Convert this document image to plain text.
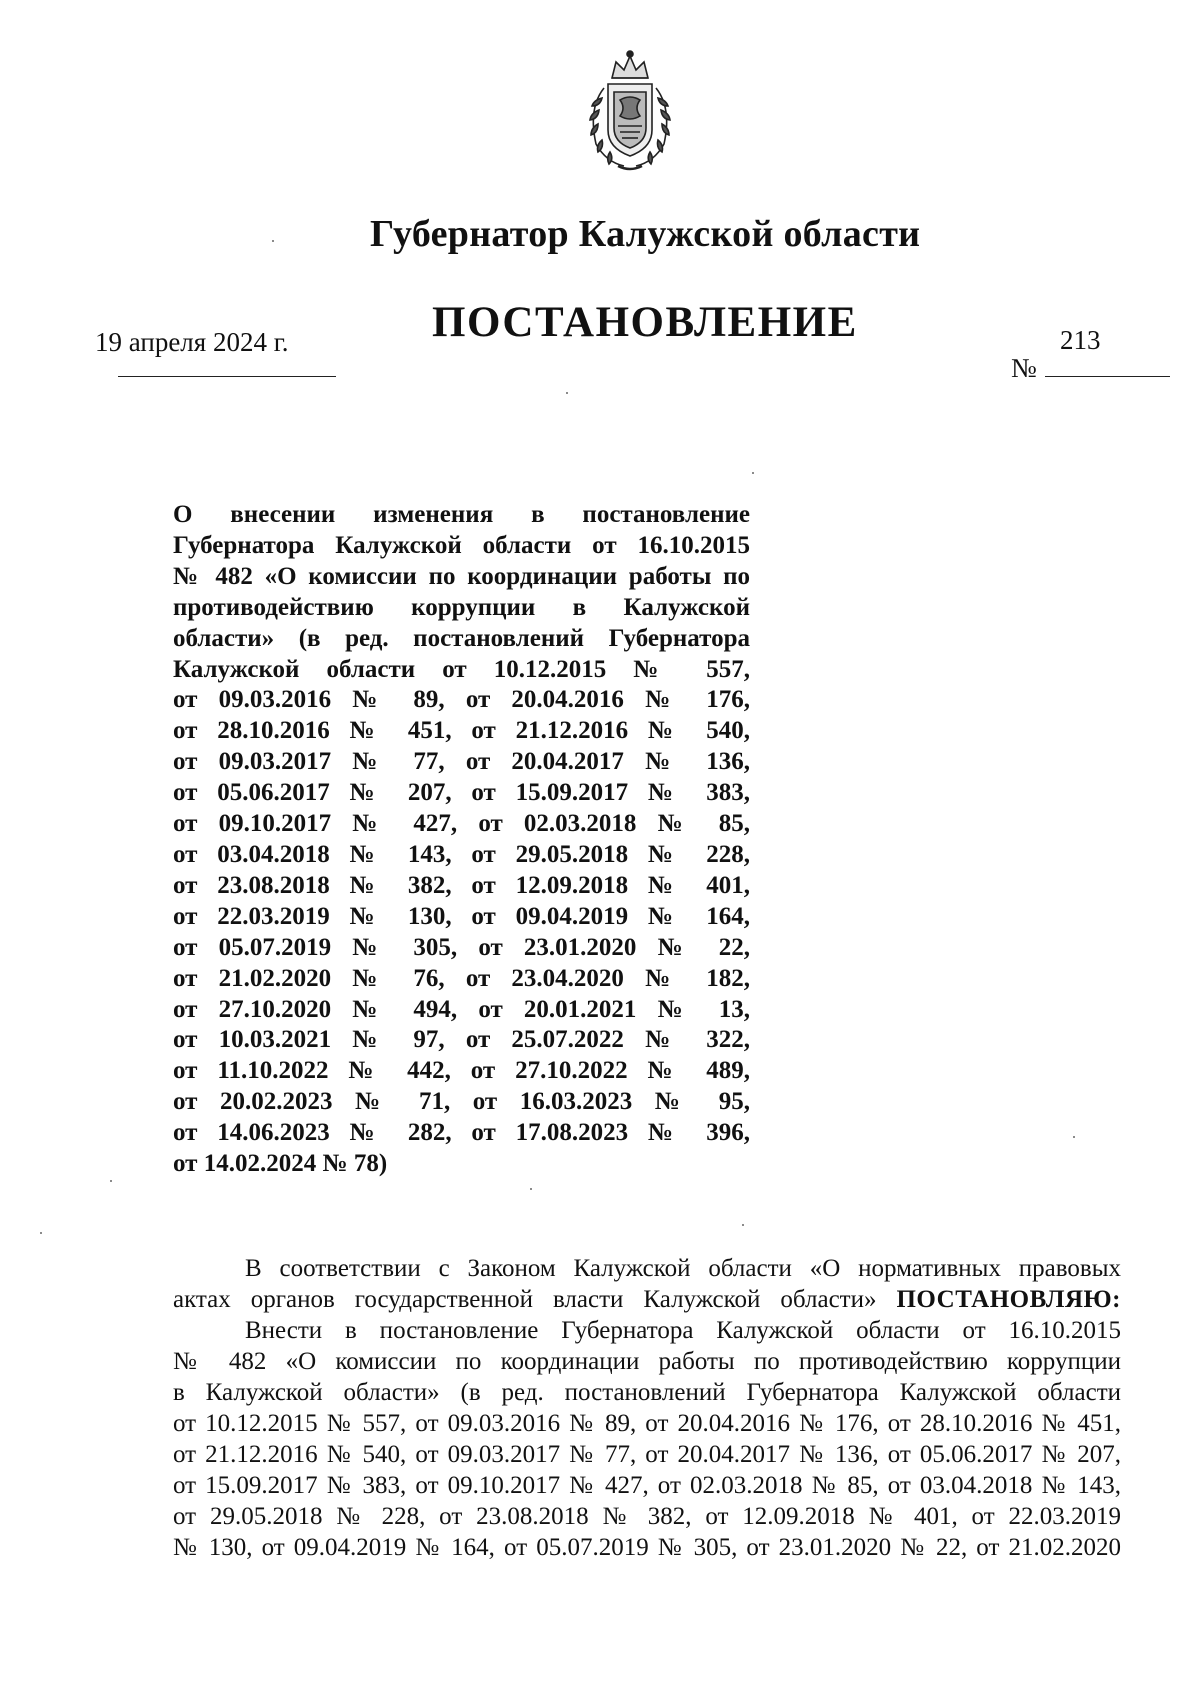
Губернатор Калужской области
ПОСТАНОВЛЕНИЕ
19 апреля 2024 г.
№
213
О внесении изменения в постановление
Губернатора Калужской области от 16.10.2015
№ 482 «О комиссии по координации работы по
противодействию коррупции в Калужской
области» (в ред. постановлений Губернатора
Калужской области от 10.12.2015 № 557,
от 09.03.2016 № 89, от 20.04.2016 № 176,
от 28.10.2016 № 451, от 21.12.2016 № 540,
от 09.03.2017 № 77, от 20.04.2017 № 136,
от 05.06.2017 № 207, от 15.09.2017 № 383,
от 09.10.2017 № 427, от 02.03.2018 № 85,
от 03.04.2018 № 143, от 29.05.2018 № 228,
от 23.08.2018 № 382, от 12.09.2018 № 401,
от 22.03.2019 № 130, от 09.04.2019 № 164,
от 05.07.2019 № 305, от 23.01.2020 № 22,
от 21.02.2020 № 76, от 23.04.2020 № 182,
от 27.10.2020 № 494, от 20.01.2021 № 13,
от 10.03.2021 № 97, от 25.07.2022 № 322,
от 11.10.2022 № 442, от 27.10.2022 № 489,
от 20.02.2023 № 71, от 16.03.2023 № 95,
от 14.06.2023 № 282, от 17.08.2023 № 396,
от 14.02.2024 № 78)
В соответствии с Законом Калужской области «О нормативных правовых
актах органов государственной власти Калужской области» ПОСТАНОВЛЯЮ:
Внести в постановление Губернатора Калужской области от 16.10.2015
№ 482 «О комиссии по координации работы по противодействию коррупции
в Калужской области» (в ред. постановлений Губернатора Калужской области
от 10.12.2015 № 557, от 09.03.2016 № 89, от 20.04.2016 № 176, от 28.10.2016 № 451,
от 21.12.2016 № 540, от 09.03.2017 № 77, от 20.04.2017 № 136, от 05.06.2017 № 207,
от 15.09.2017 № 383, от 09.10.2017 № 427, от 02.03.2018 № 85, от 03.04.2018 № 143,
от 29.05.2018 № 228, от 23.08.2018 № 382, от 12.09.2018 № 401, от 22.03.2019
№ 130, от 09.04.2019 № 164, от 05.07.2019 № 305, от 23.01.2020 № 22, от 21.02.2020
